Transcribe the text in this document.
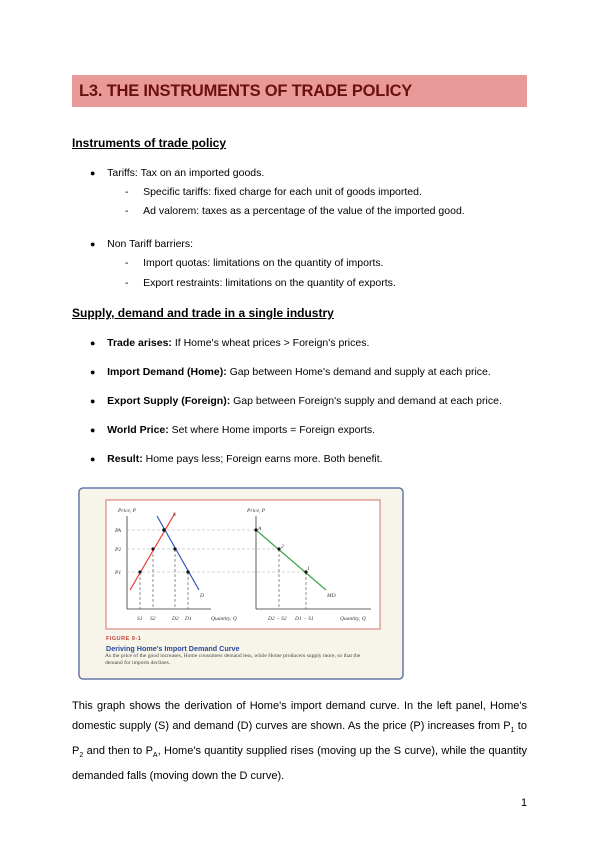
L3. THE INSTRUMENTS OF TRADE POLICY
Instruments of trade policy
● Tariffs: Tax on an imported goods.
-     Specific tariffs: fixed charge for each unit of goods imported.
-     Ad valorem: taxes as a percentage of the value of the imported good.
● Non Tariff barriers:
-     Import quotas: limitations on the quantity of imports.
-     Export restraints: limitations on the quantity of exports.
Supply, demand and trade in a single industry
● Trade arises: If Home's wheat prices > Foreign's prices.
● Import Demand (Home): Gap between Home's demand and supply at each price.
● Export Supply (Foreign): Gap between Foreign's supply and demand at each price.
● World Price: Set where Home imports = Foreign exports.
● Result: Home pays less; Foreign earns more. Both benefit.
Price, P	Price, P
PA
P2
P1
S
D
S1 S2	D2 D1	Quantity, Q
A
2
1
MD
D2 − S2 D1 − S1	Quantity, Q
FIGURE 9-1
Deriving Home's Import Demand Curve
As the price of the good increases, Home consumers demand less, while Home producers supply more, so that the demand for imports declines.
This graph shows the derivation of Home's import demand curve. In the left panel, Home's domestic supply (S) and demand (D) curves are shown. As the price (P) increases from $P_1$ to $P_2$ and then to $P_A$, Home's quantity supplied rises (moving up the S curve), while the quantity demanded falls (moving down the D curve).
1
